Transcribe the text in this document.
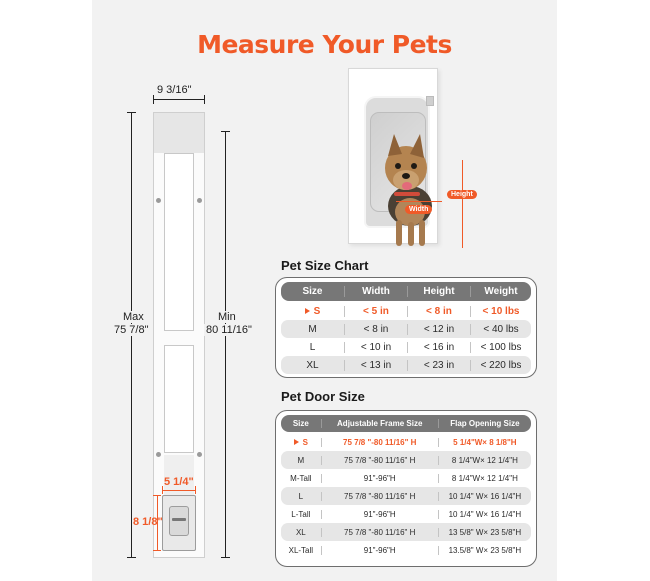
Measure Your Pets
9 3/16"
Max
75 7/8"
Min
80 11/16"
5 1/4"
8 1/8"
Width
Height
Pet Size Chart
Size	Width	Height	Weight
S	< 5 in	< 8 in	< 10 lbs
M	< 8 in	< 12 in	< 40 lbs
L	< 10 in	< 16 in	< 100 lbs
XL	< 13 in	< 23 in	< 220 lbs
Pet Door Size
Size	Adjustable Frame Size	Flap Opening Size
S	75 7/8 "-80 11/16" H	5 1/4"W× 8 1/8"H
M	75 7/8 "-80 11/16" H	8 1/4"W× 12 1/4"H
M-Tall	91"-96"H	8 1/4"W× 12 1/4"H
L	75 7/8 "-80 11/16" H	10 1/4" W× 16 1/4"H
L-Tall	91"-96"H	10 1/4" W× 16 1/4"H
XL	75 7/8 "-80 11/16" H	13 5/8" W× 23 5/8"H
XL-Tall	91"-96"H	13.5/8" W× 23 5/8"H
